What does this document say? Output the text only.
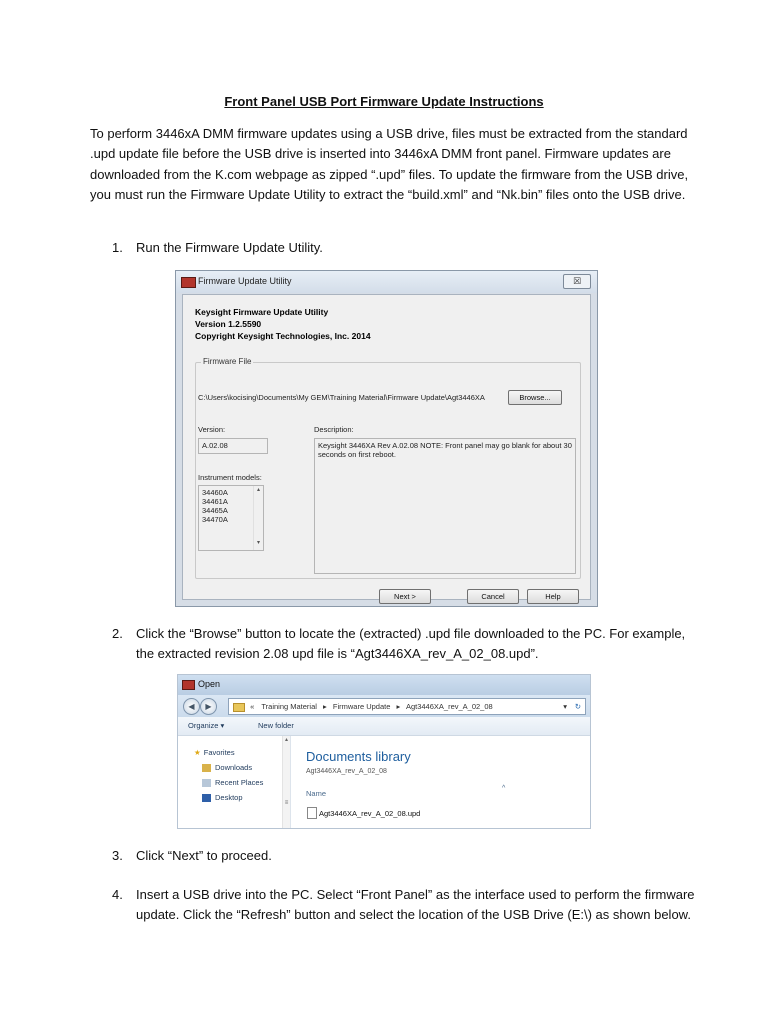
Front Panel USB Port Firmware Update Instructions
To perform 3446xA DMM firmware updates using a USB drive, files must be extracted from the standard .upd update file before the USB drive is inserted into 3446xA DMM front panel. Firmware updates are downloaded from the K.com webpage as zipped “.upd” files. To update the firmware from the USB drive, you must run the Firmware Update Utility to extract the “build.xml” and “Nk.bin” files onto the USB drive.
1. Run the Firmware Update Utility.
Firmware Update Utility	☒
Keysight Firmware Update Utility
Version 1.2.5590
Copyright Keysight Technologies, Inc. 2014
Firmware File
C:\Users\kocising\Documents\My GEM\Training Material\Firmware Update\Agt3446XA	Browse...
Version:
A.02.08
Description:
Keysight 3446XA Rev A.02.08 NOTE: Front panel may go blank for about 30 seconds on first reboot.
Instrument models:
34460A
34461A
34465A
34470A
▴
▾
Next >	Cancel	Help
2. Click the “Browse” button to locate the (extracted) .upd file downloaded to the PC. For example, the extracted revision 2.08 upd file is “Agt3446XA_rev_A_02_08.upd”.
Open
◀	▶	« Training Material ▸ Firmware Update ▸ Agt3446XA_rev_A_02_08	▾ ↻
Organize ▾	New folder
★ Favorites
Downloads
Recent Places
Desktop
▴
≡
Documents library
Agt3446XA_rev_A_02_08
Name
^
Agt3446XA_rev_A_02_08.upd
3. Click “Next” to proceed.
4. Insert a USB drive into the PC. Select “Front Panel” as the interface used to perform the firmware update. Click the “Refresh” button and select the location of the USB Drive (E:\) as shown below.
